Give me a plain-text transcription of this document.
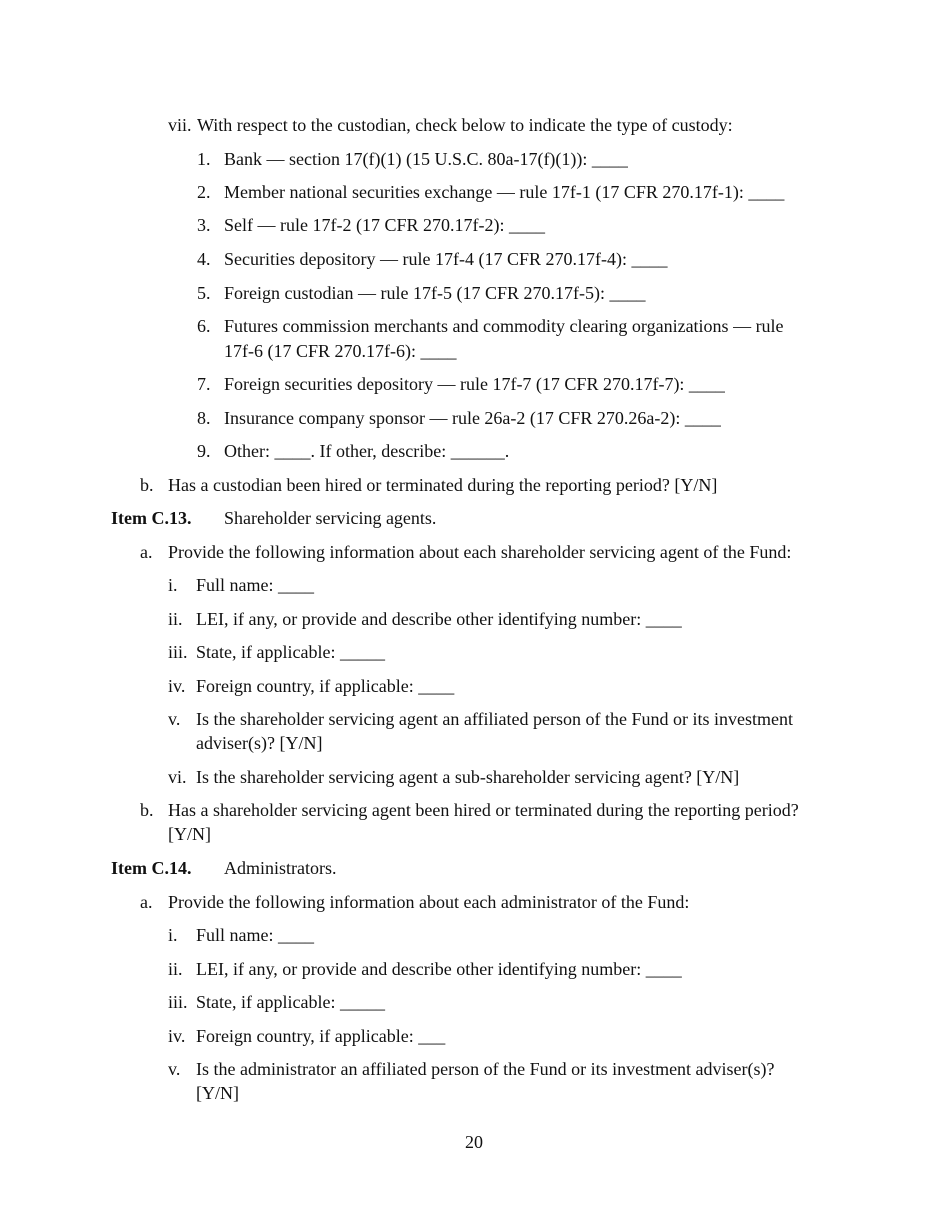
vii. With respect to the custodian, check below to indicate the type of custody:
1. Bank — section 17(f)(1) (15 U.S.C. 80a-17(f)(1)): ____
2. Member national securities exchange — rule 17f-1 (17 CFR 270.17f-1): ____
3. Self — rule 17f-2 (17 CFR 270.17f-2): ____
4. Securities depository — rule 17f-4 (17 CFR 270.17f-4): ____
5. Foreign custodian — rule 17f-5 (17 CFR 270.17f-5): ____
6. Futures commission merchants and commodity clearing organizations — rule
17f-6 (17 CFR 270.17f-6): ____
7. Foreign securities depository — rule 17f-7 (17 CFR 270.17f-7): ____
8. Insurance company sponsor — rule 26a-2 (17 CFR 270.26a-2): ____
9. Other: ____. If other, describe: ______.
b. Has a custodian been hired or terminated during the reporting period? [Y/N]
Item C.13. Shareholder servicing agents.
a. Provide the following information about each shareholder servicing agent of the Fund:
i. Full name: ____
ii. LEI, if any, or provide and describe other identifying number: ____
iii. State, if applicable: _____
iv. Foreign country, if applicable: ____
v. Is the shareholder servicing agent an affiliated person of the Fund or its investment
adviser(s)? [Y/N]
vi. Is the shareholder servicing agent a sub-shareholder servicing agent? [Y/N]
b. Has a shareholder servicing agent been hired or terminated during the reporting period?
[Y/N]
Item C.14. Administrators.
a. Provide the following information about each administrator of the Fund:
i. Full name: ____
ii. LEI, if any, or provide and describe other identifying number: ____
iii. State, if applicable: _____
iv. Foreign country, if applicable: ___
v. Is the administrator an affiliated person of the Fund or its investment adviser(s)?
[Y/N]
20
